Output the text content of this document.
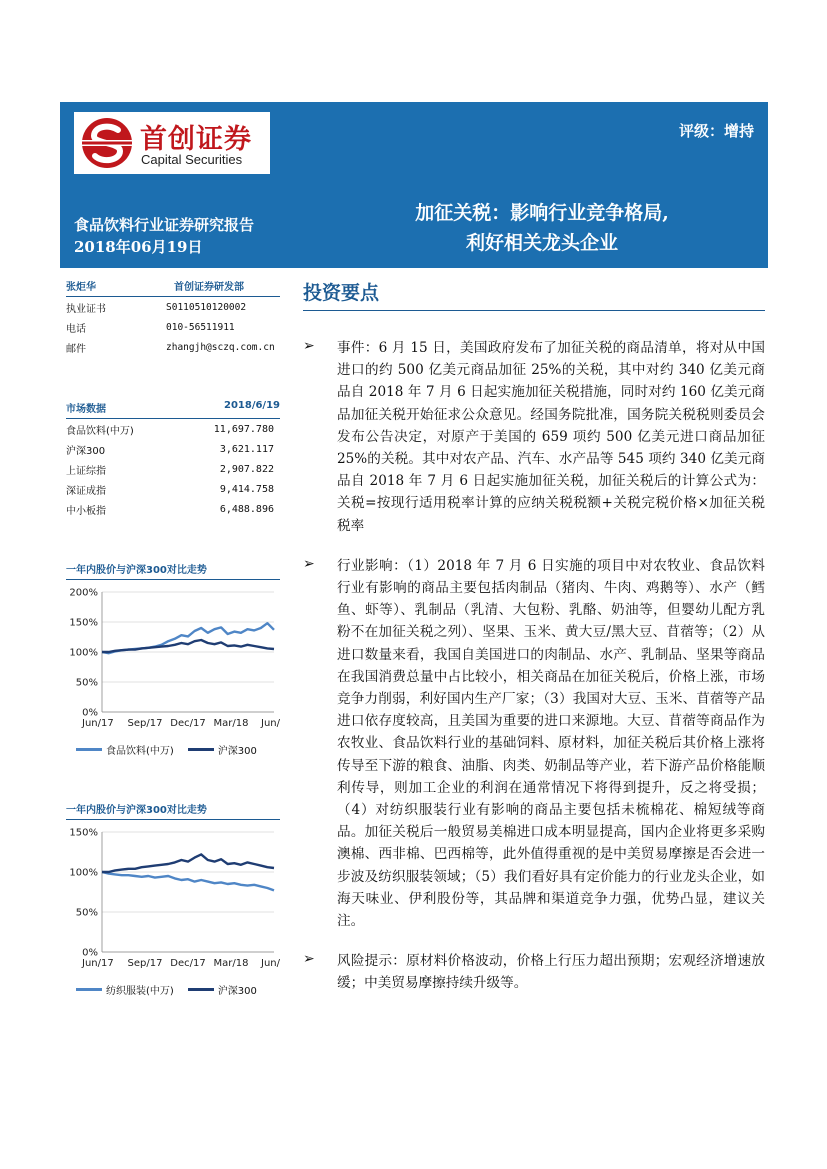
首创证券
Capital Securities
评级：增持
食品饮料行业证券研究报告
2018年06月19日
加征关税：影响行业竞争格局,
利好相关龙头企业
张炬华	首创证券研发部
执业证书	S0110510120002
电话	010-56511911
邮件	zhangjh@sczq.com.cn
市场数据	2018/6/19
食品饮料(中万)	11,697.780
沪深300	3,621.117
上证综指	2,907.822
深证成指	9,414.758
中小板指	6,488.896
一年内股价与沪深300对比走势
0%
50%
100%
150%
200%
Jun/17 Sep/17 Dec/17 Mar/18 Jun/
食品饮料(中万)	沪深300
一年内股价与沪深300对比走势
0%
50%
100%
150%
Jun/17 Sep/17 Dec/17 Mar/18 Jun/
纺织服装(中万)	沪深300
投资要点
➢	事件：6 月 15 日，美国政府发布了加征关税的商品清单，将对从中国进口的约 500 亿美元商品加征 25%的关税，其中对约 340 亿美元商品自 2018 年 7 月 6 日起实施加征关税措施，同时对约 160 亿美元商品加征关税开始征求公众意见。经国务院批准，国务院关税税则委员会发布公告决定，对原产于美国的 659 项约 500 亿美元进口商品加征 25%的关税。其中对农产品、汽车、水产品等 545 项约 340 亿美元商品自 2018 年 7 月 6 日起实施加征关税，加征关税后的计算公式为：关税=按现行适用税率计算的应纳关税税额+关税完税价格×加征关税税率
➢	行业影响：（1）2018 年 7 月 6 日实施的项目中对农牧业、食品饮料行业有影响的商品主要包括肉制品（猪肉、牛肉、鸡鹅等）、水产（鳕鱼、虾等）、乳制品（乳清、大包粉、乳酪、奶油等，但婴幼儿配方乳粉不在加征关税之列）、坚果、玉米、黄大豆/黑大豆、苜蓿等；（2）从进口数量来看，我国自美国进口的肉制品、水产、乳制品、坚果等商品在我国消费总量中占比较小，相关商品在加征关税后，价格上涨，市场竞争力削弱，利好国内生产厂家；（3）我国对大豆、玉米、苜蓿等产品进口依存度较高，且美国为重要的进口来源地。大豆、苜蓿等商品作为农牧业、食品饮料行业的基础饲料、原材料，加征关税后其价格上涨将传导至下游的粮食、油脂、肉类、奶制品等产业，若下游产品价格能顺利传导，则加工企业的利润在通常情况下将得到提升，反之将受损；（4）对纺织服装行业有影响的商品主要包括未梳棉花、棉短绒等商品。加征关税后一般贸易美棉进口成本明显提高，国内企业将更多采购澳棉、西非棉、巴西棉等，此外值得重视的是中美贸易摩擦是否会进一步波及纺织服装领域；（5）我们看好具有定价能力的行业龙头企业，如海天味业、伊利股份等，其品牌和渠道竞争力强，优势凸显，建议关注。
➢	风险提示：原材料价格波动，价格上行压力超出预期；宏观经济增速放缓；中美贸易摩擦持续升级等。
